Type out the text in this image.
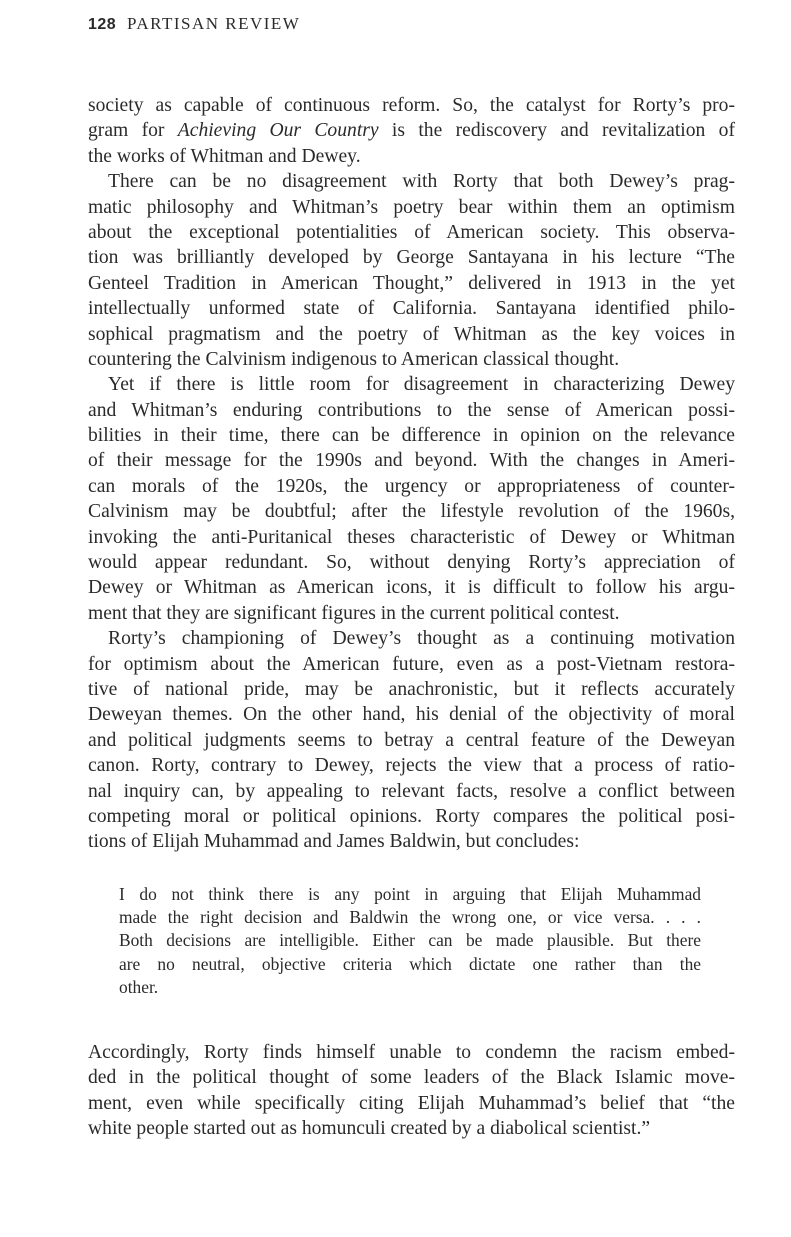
128 PARTISAN REVIEW
society as capable of continuous reform. So, the catalyst for Rorty’s pro-
gram for Achieving Our Country is the rediscovery and revitalization of
the works of Whitman and Dewey.
There can be no disagreement with Rorty that both Dewey’s prag-
matic philosophy and Whitman’s poetry bear within them an optimism
about the exceptional potentialities of American society. This observa-
tion was brilliantly developed by George Santayana in his lecture “The
Genteel Tradition in American Thought,” delivered in 1913 in the yet
intellectually unformed state of California. Santayana identified philo-
sophical pragmatism and the poetry of Whitman as the key voices in
countering the Calvinism indigenous to American classical thought.
Yet if there is little room for disagreement in characterizing Dewey
and Whitman’s enduring contributions to the sense of American possi-
bilities in their time, there can be difference in opinion on the relevance
of their message for the 1990s and beyond. With the changes in Ameri-
can morals of the 1920s, the urgency or appropriateness of counter-
Calvinism may be doubtful; after the lifestyle revolution of the 1960s,
invoking the anti-Puritanical theses characteristic of Dewey or Whitman
would appear redundant. So, without denying Rorty’s appreciation of
Dewey or Whitman as American icons, it is difficult to follow his argu-
ment that they are significant figures in the current political contest.
Rorty’s championing of Dewey’s thought as a continuing motivation
for optimism about the American future, even as a post-Vietnam restora-
tive of national pride, may be anachronistic, but it reflects accurately
Deweyan themes. On the other hand, his denial of the objectivity of moral
and political judgments seems to betray a central feature of the Deweyan
canon. Rorty, contrary to Dewey, rejects the view that a process of ratio-
nal inquiry can, by appealing to relevant facts, resolve a conflict between
competing moral or political opinions. Rorty compares the political posi-
tions of Elijah Muhammad and James Baldwin, but concludes:
I do not think there is any point in arguing that Elijah Muhammad
made the right decision and Baldwin the wrong one, or vice versa. . . .
Both decisions are intelligible. Either can be made plausible. But there
are no neutral, objective criteria which dictate one rather than the
other.
Accordingly, Rorty finds himself unable to condemn the racism embed-
ded in the political thought of some leaders of the Black Islamic move-
ment, even while specifically citing Elijah Muhammad’s belief that “the
white people started out as homunculi created by a diabolical scientist.”
